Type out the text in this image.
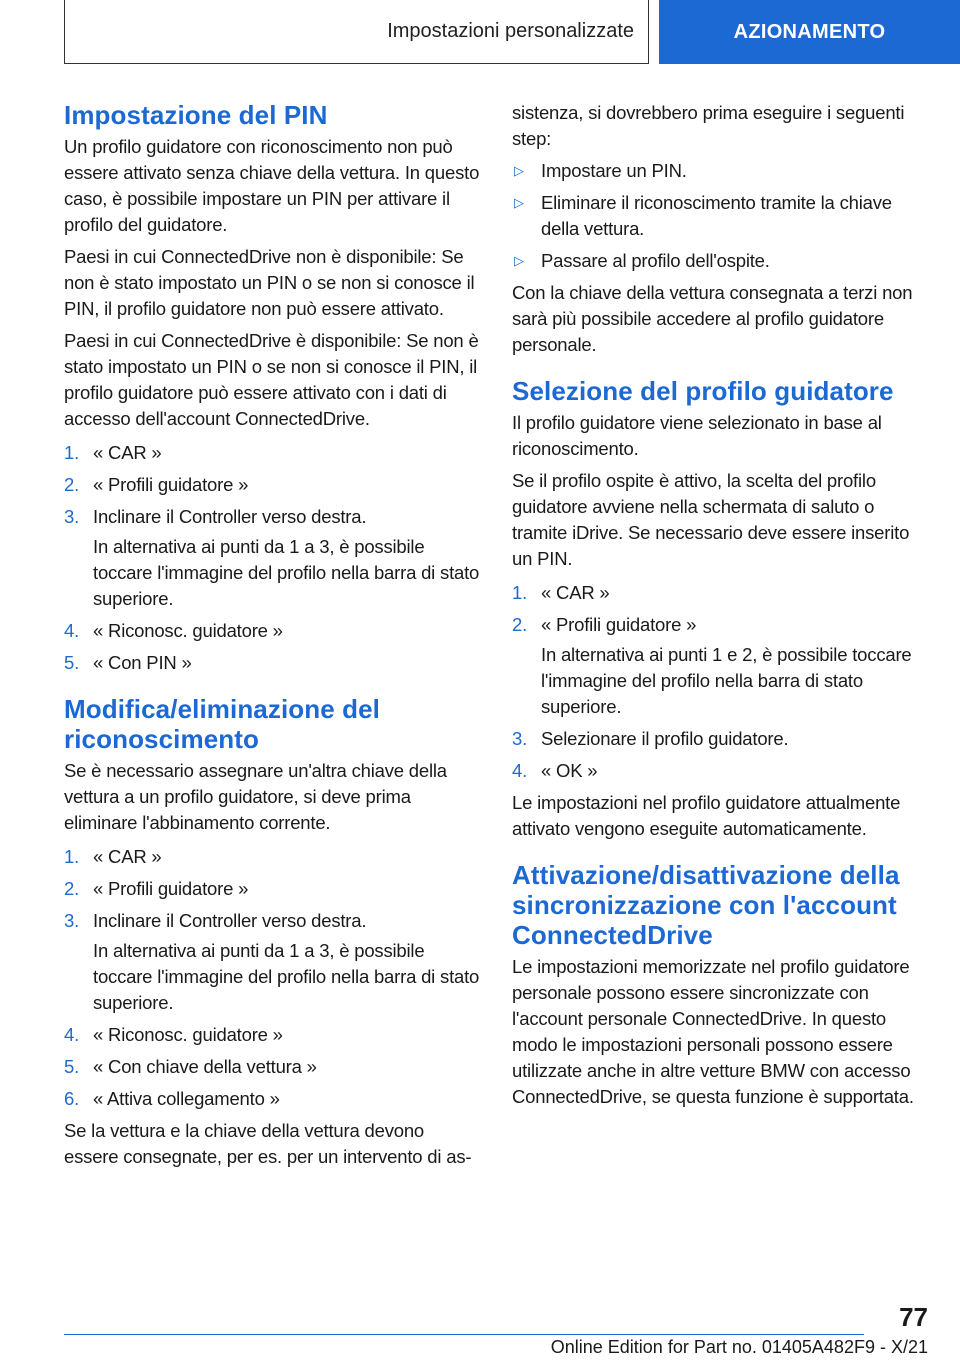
Impostazioni personalizzate	AZIONAMENTO
Impostazione del PIN

Un profilo guidatore con riconoscimento non può essere attivato senza chiave della vettura. In questo caso, è possibile impostare un PIN per attivare il profilo del guidatore.

Paesi in cui ConnectedDrive non è disponibile: Se non è stato impostato un PIN o se non si conosce il PIN, il profilo guidatore non può essere attivato.

Paesi in cui ConnectedDrive è disponibile: Se non è stato impostato un PIN o se non si conosce il PIN, il profilo guidatore può essere attivato con i dati di accesso dell'account ConnectedDrive.

1. « CAR »
2. « Profili guidatore »
3. Inclinare il Controller verso destra.
In alternativa ai punti da 1 a 3, è possibile toccare l'immagine del profilo nella barra di stato superiore.
4. « Riconosc. guidatore »
5. « Con PIN »
Modifica/eliminazione del riconoscimento

Se è necessario assegnare un'altra chiave della vettura a un profilo guidatore, si deve prima eliminare l'abbinamento corrente.

1. « CAR »
2. « Profili guidatore »
3. Inclinare il Controller verso destra.
In alternativa ai punti da 1 a 3, è possibile toccare l'immagine del profilo nella barra di stato superiore.
4. « Riconosc. guidatore »
5. « Con chiave della vettura »
6. « Attiva collegamento »

Se la vettura e la chiave della vettura devono essere consegnate, per es. per un intervento di as-

sistenza, si dovrebbero prima eseguire i seguenti step:

▷ Impostare un PIN.
▷ Eliminare il riconoscimento tramite la chiave della vettura.
▷ Passare al profilo dell'ospite.

Con la chiave della vettura consegnata a terzi non sarà più possibile accedere al profilo guidatore personale.

Selezione del profilo guidatore

Il profilo guidatore viene selezionato in base al riconoscimento.

Se il profilo ospite è attivo, la scelta del profilo guidatore avviene nella schermata di saluto o tramite iDrive. Se necessario deve essere inserito un PIN.

1. « CAR »
2. « Profili guidatore »
In alternativa ai punti 1 e 2, è possibile toccare l'immagine del profilo nella barra di stato superiore.
3. Selezionare il profilo guidatore.
4. « OK »

Le impostazioni nel profilo guidatore attualmente attivato vengono eseguite automaticamente.

Attivazione/disattivazione della sincronizzazione con l'account ConnectedDrive

Le impostazioni memorizzate nel profilo guidatore personale possono essere sincronizzate con l'account personale ConnectedDrive. In questo modo le impostazioni personali possono essere utilizzate anche in altre vetture BMW con accesso ConnectedDrive, se questa funzione è supportata.

77
Online Edition for Part no. 01405A482F9 - X/21
